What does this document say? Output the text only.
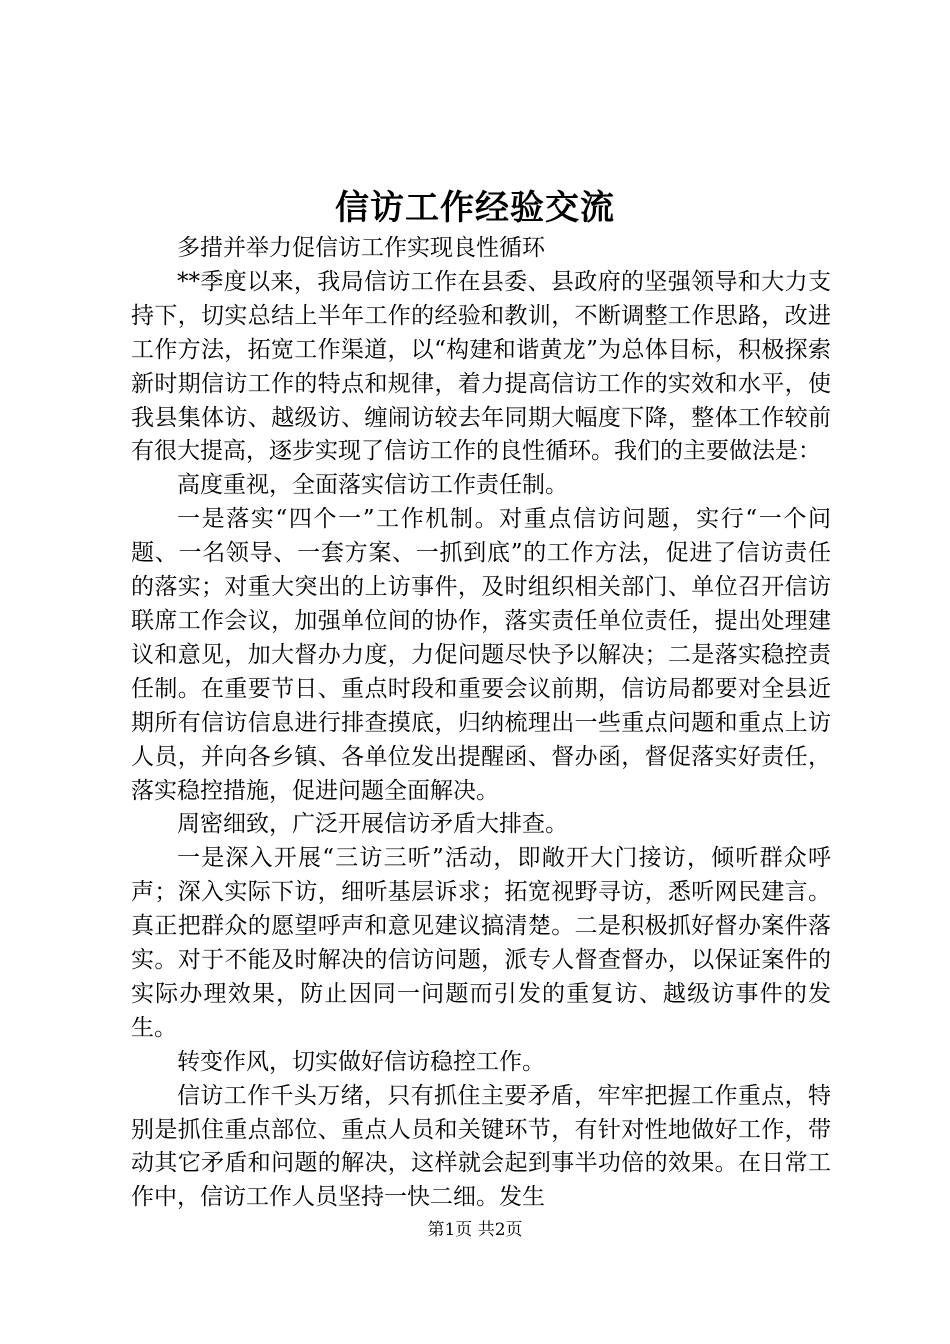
信访工作经验交流

多措并举力促信访工作实现良性循环

**季度以来，我局信访工作在县委、县政府的坚强领导和大力支持下，切实总结上半年工作的经验和教训，不断调整工作思路，改进工作方法，拓宽工作渠道，以“构建和谐黄龙”为总体目标，积极探索新时期信访工作的特点和规律，着力提高信访工作的实效和水平，使我县集体访、越级访、缠闹访较去年同期大幅度下降，整体工作较前有很大提高，逐步实现了信访工作的良性循环。我们的主要做法是：

高度重视，全面落实信访工作责任制。

一是落实“四个一”工作机制。对重点信访问题，实行“一个问题、一名领导、一套方案、一抓到底”的工作方法，促进了信访责任的落实；对重大突出的上访事件，及时组织相关部门、单位召开信访联席工作会议，加强单位间的协作，落实责任单位责任，提出处理建议和意见，加大督办力度，力促问题尽快予以解决；二是落实稳控责任制。在重要节日、重点时段和重要会议前期，信访局都要对全县近期所有信访信息进行排查摸底，归纳梳理出一些重点问题和重点上访人员，并向各乡镇、各单位发出提醒函、督办函，督促落实好责任，落实稳控措施，促进问题全面解决。

周密细致，广泛开展信访矛盾大排查。

一是深入开展“三访三听”活动，即敞开大门接访，倾听群众呼声；深入实际下访，细听基层诉求；拓宽视野寻访，悉听网民建言。真正把群众的愿望呼声和意见建议搞清楚。二是积极抓好督办案件落实。对于不能及时解决的信访问题，派专人督查督办，以保证案件的实际办理效果，防止因同一问题而引发的重复访、越级访事件的发生。

转变作风，切实做好信访稳控工作。

信访工作千头万绪，只有抓住主要矛盾，牢牢把握工作重点，特别是抓住重点部位、重点人员和关键环节，有针对性地做好工作，带动其它矛盾和问题的解决，这样就会起到事半功倍的效果。在日常工作中，信访工作人员坚持一快二细。发生

第1页 共2页
